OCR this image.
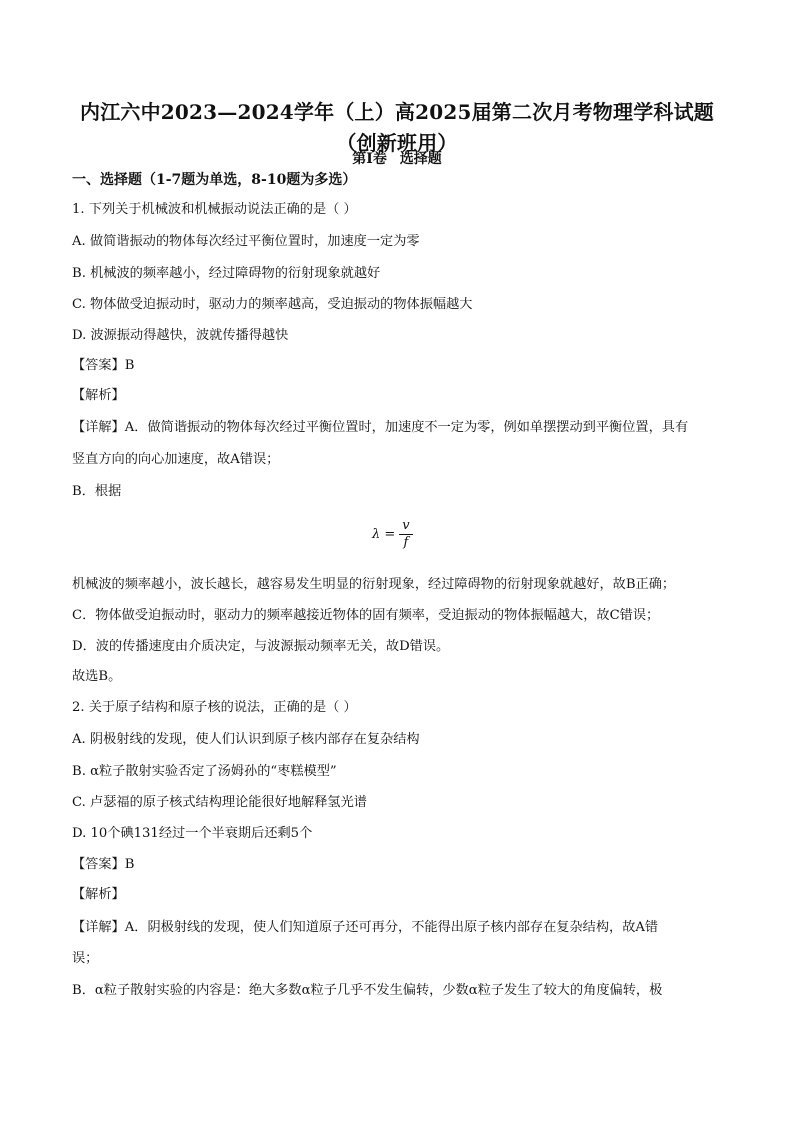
内江六中2023—2024学年（上）高2025届第二次月考物理学科试题
（创新班用）
第Ⅰ卷 选择题
一、选择题（1-7题为单选，8-10题为多选）
1. 下列关于机械波和机械振动说法正确的是（ ）
A. 做简谐振动的物体每次经过平衡位置时，加速度一定为零
B. 机械波的频率越小，经过障碍物的衍射现象就越好
C. 物体做受迫振动时，驱动力的频率越高，受迫振动的物体振幅越大
D. 波源振动得越快，波就传播得越快
【答案】B
【解析】
【详解】A．做简谐振动的物体每次经过平衡位置时，加速度不一定为零，例如单摆摆动到平衡位置，具有
竖直方向的向心加速度，故A错误；
B．根据
$\lambda = \frac{v}{f}$
机械波的频率越小，波长越长，越容易发生明显的衍射现象，经过障碍物的衍射现象就越好，故B正确；
C．物体做受迫振动时，驱动力的频率越接近物体的固有频率，受迫振动的物体振幅越大，故C错误；
D．波的传播速度由介质决定，与波源振动频率无关，故D错误。
故选B。
2. 关于原子结构和原子核的说法，正确的是（ ）
A. 阴极射线的发现，使人们认识到原子核内部存在复杂结构
B. α粒子散射实验否定了汤姆孙的“枣糕模型”
C. 卢瑟福的原子核式结构理论能很好地解释氢光谱
D. 10个碘131经过一个半衰期后还剩5个
【答案】B
【解析】
【详解】A．阴极射线的发现，使人们知道原子还可再分，不能得出原子核内部存在复杂结构，故A错
误；
B．α粒子散射实验的内容是：绝大多数α粒子几乎不发生偏转，少数α粒子发生了较大的角度偏转，极
